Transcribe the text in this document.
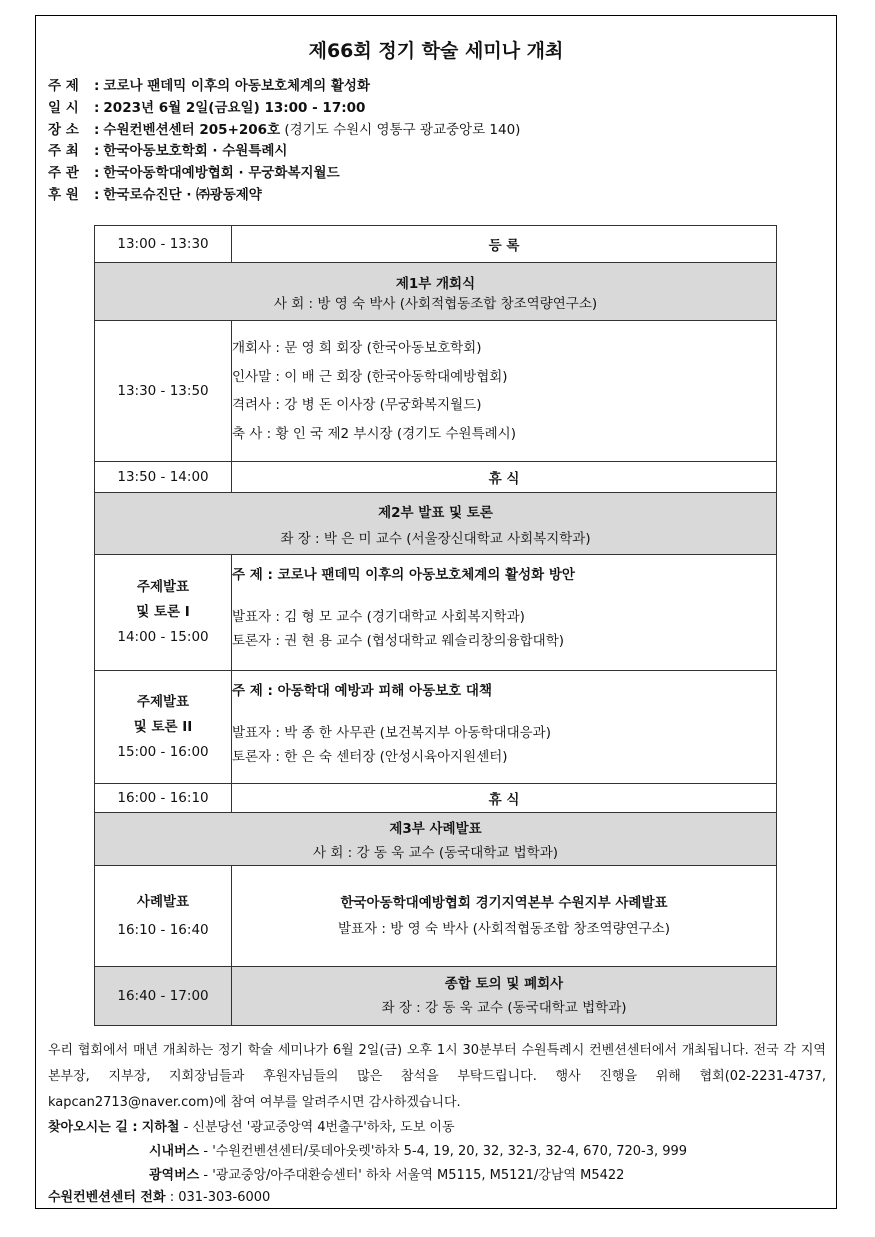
제66회 정기 학술 세미나 개최
주 제 : 코로나 팬데믹 이후의 아동보호체계의 활성화
일 시 : 2023년 6월 2일(금요일) 13:00 - 17:00
장 소 : 수원컨벤션센터 205+206호 (경기도 수원시 영통구 광교중앙로 140)
주 최 : 한국아동보호학회 · 수원특례시
주 관 : 한국아동학대예방협회 · 무궁화복지월드
후 원 : 한국로슈진단 · ㈜광동제약
13:00 - 13:30	등 록

제1부 개회식
사 회 : 방 영 숙 박사 (사회적협동조합 창조역량연구소)	

13:30 - 13:50	개회사 : 문 영 희 회장 (한국아동보호학회)
인사말 : 이 배 근 회장 (한국아동학대예방협회)
격려사 : 강 병 돈 이사장 (무궁화복지월드)
축 사 : 황 인 국 제2 부시장 (경기도 수원특례시)

13:50 - 14:00	휴 식

제2부 발표 및 토론
좌 장 : 박 은 미 교수 (서울장신대학교 사회복지학과)	

주제발표
및 토론 I
14:00 - 15:00	주 제 : 코로나 팬데믹 이후의 아동보호체계의 활성화 방안
발표자 : 김 형 모 교수 (경기대학교 사회복지학과)
토론자 : 권 현 용 교수 (협성대학교 웨슬리창의융합대학)

주제발표
및 토론 II
15:00 - 16:00	주 제 : 아동학대 예방과 피해 아동보호 대책
발표자 : 박 종 한 사무관 (보건복지부 아동학대대응과)
토론자 : 한 은 숙 센터장 (안성시육아지원센터)

16:00 - 16:10	휴 식

제3부 사례발표
사 회 : 강 동 욱 교수 (동국대학교 법학과)	

사례발표
16:10 - 16:40	한국아동학대예방협회 경기지역본부 수원지부 사례발표
발표자 : 방 영 숙 박사 (사회적협동조합 창조역량연구소)

16:40 - 17:00	종합 토의 및 폐회사
좌 장 : 강 동 욱 교수 (동국대학교 법학과)
우리 협회에서 매년 개최하는 정기 학술 세미나가 6월 2일(금) 오후 1시 30분부터 수원특례시 컨벤션센터에서 개최됩니다. 전국 각 지역본부장, 지부장, 지회장님들과 후원자님들의 많은 참석을 부탁드립니다. 행사 진행을 위해 협회(02-2231-4737, kapcan2713@naver.com)에 참여 여부를 알려주시면 감사하겠습니다.
찾아오시는 길 : 지하철 - 신분당선 '광교중앙역 4번출구'하차, 도보 이동
시내버스 - '수원컨벤션센터/롯데아웃렛'하차 5-4, 19, 20, 32, 32-3, 32-4, 670, 720-3, 999
광역버스 - '광교중앙/아주대환승센터' 하차 서울역 M5115, M5121/강남역 M5422
수원컨벤션센터 전화 : 031-303-6000
